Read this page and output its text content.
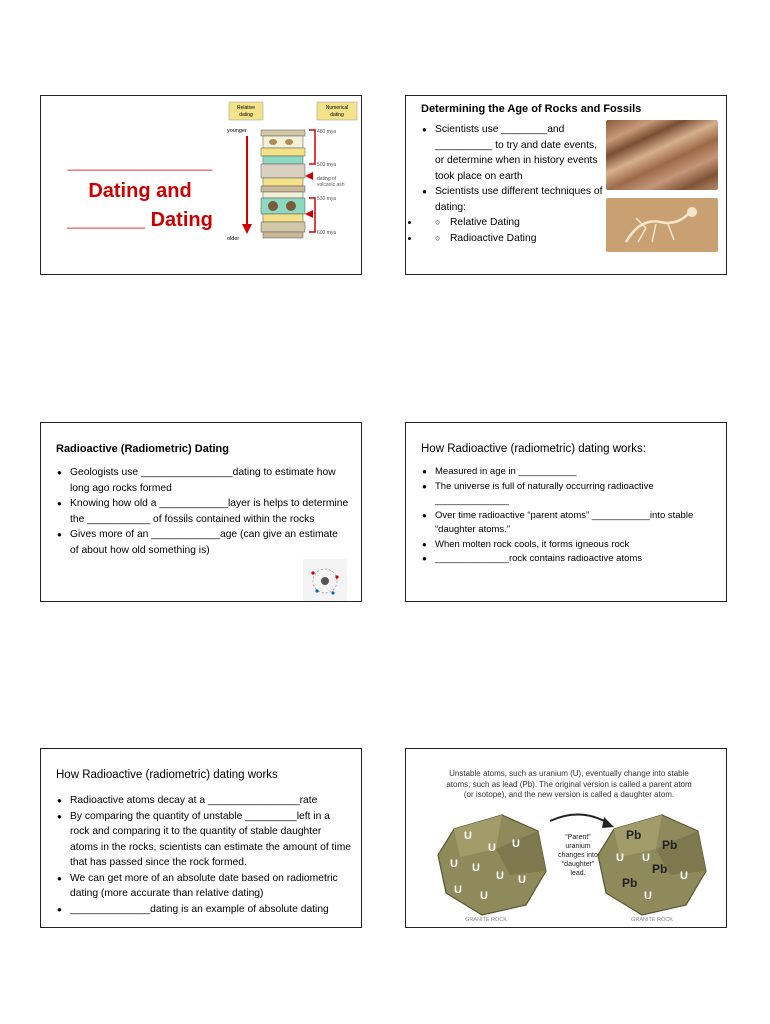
_____________
Dating and
_______ Dating
Relative
dating
Numerical
dating
younger
older
480 mya
500 mya
dating of
volcanic ash
530 mya
600 mya
Determining the Age of Rocks and Fossils
● Scientists use ________and __________ to try and date events, or determine when in history events took place on earth
● Scientists use different techniques of dating:
○ • Relative Dating
○ • Radioactive Dating
Radioactive (Radiometric) Dating
● Geologists use ________________dating to estimate how long ago rocks formed
● Knowing how old a ____________layer is helps to determine the ___________ of fossils contained within the rocks
● Gives more of an ____________age (can give an estimate of about how old something is)
How Radioactive (radiometric) dating works:
● Measured in age in ___________
● The universe is full of naturally occurring radioactive ______________
● Over time radioactive “parent atoms” ___________into stable “daughter atoms.”
● When molten rock cools, it forms igneous rock
● ______________rock contains radioactive atoms
How Radioactive (radiometric) dating works
● Radioactive atoms decay at a ________________rate
● By comparing the quantity of unstable _________left in a rock and comparing it to the quantity of stable daughter atoms in the rocks, scientists can estimate the amount of time that has passed since the rock formed.
● We can get more of an absolute date based on radiometric dating (more accurate than relative dating)
● ______________dating is an example of absolute dating
Unstable atoms, such as uranium (U), eventually change into stable atoms, such as lead (Pb). The original version is called a parent atom (or isotope), and the new version is called a daughter atom.
U
U U
U U
U U
U U
GRANITE ROCK
“Parent”
uranium
changes into
“daughter”
lead.
Pb
Pb
Pb
Pb
U U
U
U
GRANITE ROCK
